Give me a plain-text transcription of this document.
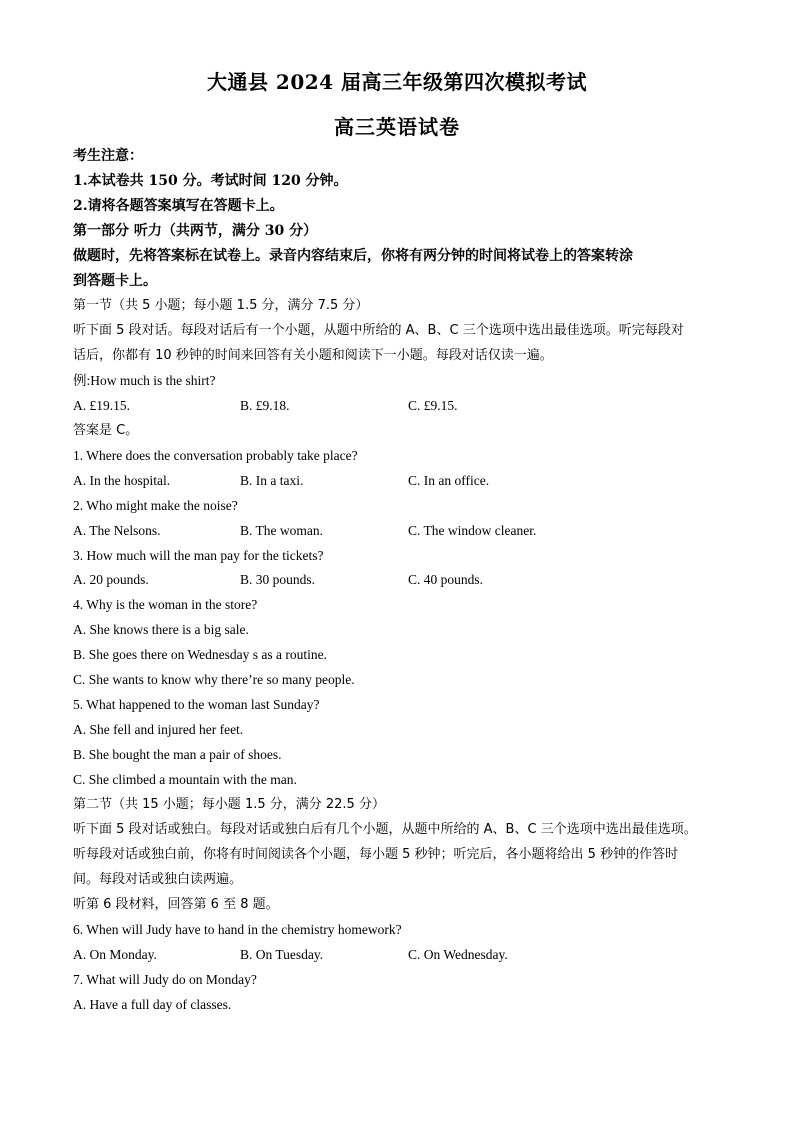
大通县 2024 届高三年级第四次模拟考试
高三英语试卷
考生注意：
1.本试卷共 150 分。考试时间 120 分钟。
2.请将各题答案填写在答题卡上。
第一部分 听力（共两节，满分 30 分）
做题时，先将答案标在试卷上。录音内容结束后，你将有两分钟的时间将试卷上的答案转涂
到答题卡上。
第一节（共 5 小题；每小题 1.5 分，满分 7.5 分）
听下面 5 段对话。每段对话后有一个小题，从题中所给的 A、B、C 三个选项中选出最佳选项。听完每段对
话后，你都有 10 秒钟的时间来回答有关小题和阅读下一小题。每段对话仅读一遍。
例:How much is the shirt?
A. £19.15.	B. £9.18.	C. £9.15.
答案是 C。
1. Where does the conversation probably take place?
A. In the hospital.	B. In a taxi.	C. In an office.
2. Who might make the noise?
A. The Nelsons.	B. The woman.	C. The window cleaner.
3. How much will the man pay for the tickets?
A. 20 pounds.	B. 30 pounds.	C. 40 pounds.
4. Why is the woman in the store?
A. She knows there is a big sale.
B. She goes there on Wednesday s as a routine.
C. She wants to know why there’re so many people.
5. What happened to the woman last Sunday?
A. She fell and injured her feet.
B. She bought the man a pair of shoes.
C. She climbed a mountain with the man.
第二节（共 15 小题；每小题 1.5 分，满分 22.5 分）
听下面 5 段对话或独白。每段对话或独白后有几个小题，从题中所给的 A、B、C 三个选项中选出最佳选项。
听每段对话或独白前，你将有时间阅读各个小题，每小题 5 秒钟；听完后，各小题将给出 5 秒钟的作答时
间。每段对话或独白读两遍。
听第 6 段材料，回答第 6 至 8 题。
6. When will Judy have to hand in the chemistry homework?
A. On Monday.	B. On Tuesday.	C. On Wednesday.
7. What will Judy do on Monday?
A. Have a full day of classes.
